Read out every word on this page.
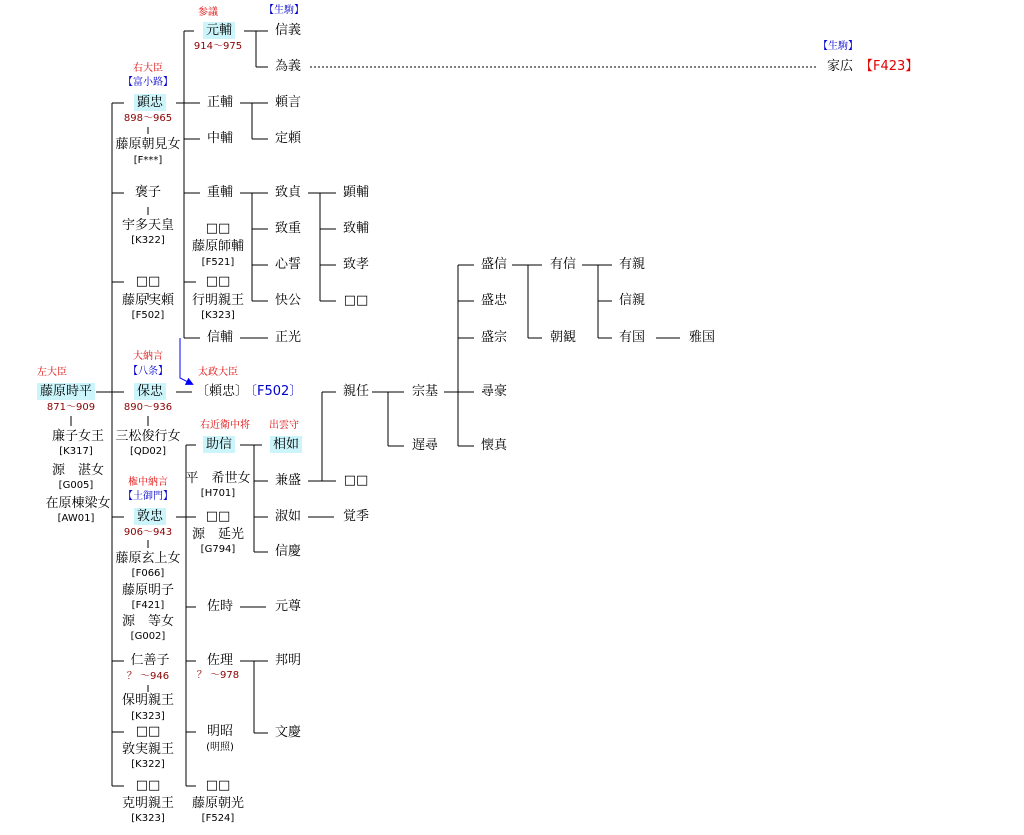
左大臣
藤原時平
871～909
廉子女王
[K317]
源　湛女
[G005]
在原棟梁女
[AW01]
右大臣
【富小路】
顕忠
898～965
藤原朝見女
[F***]
参議	【生駒】
元輔
914～975
信義
為義
【生駒】
家広 【F423】
正輔	頼言
中輔	定頼
褒子
宇多天皇
[K322]
重輔
□□
藤原師輔
[F521]
致貞	顕輔
致重	致輔
心誓	致孝
快公	□□
□□
藤原実頼
[F502]
□□
行明親王
[K323]
信輔	正光
大納言
【八条】
保忠
890～936
三松俊行女
[QD02]
太政大臣
〔頼忠〕
〔F502〕
右近衛中将
助信
平　希世女
[H701]
出雲守
相如
親任
兼盛	□□
宗基
遅尋
盛信	有信	有親
盛忠	信親
盛宗	朝観	有国	雅国
尋豪
懐真
淑如	覚季
信慶
権中納言
【土御門】
敦忠
906～943
藤原玄上女
[F066]
藤原明子
[F421]
源　等女
[G002]
□□
源　延光
[G794]
佐時	元尊
佐理
？ ～978
邦明
文慶
明昭
(明照)
□□
藤原朝光
[F524]
仁善子
？ ～946
保明親王
[K323]
□□
敦実親王
[K322]
□□
克明親王
[K323]
